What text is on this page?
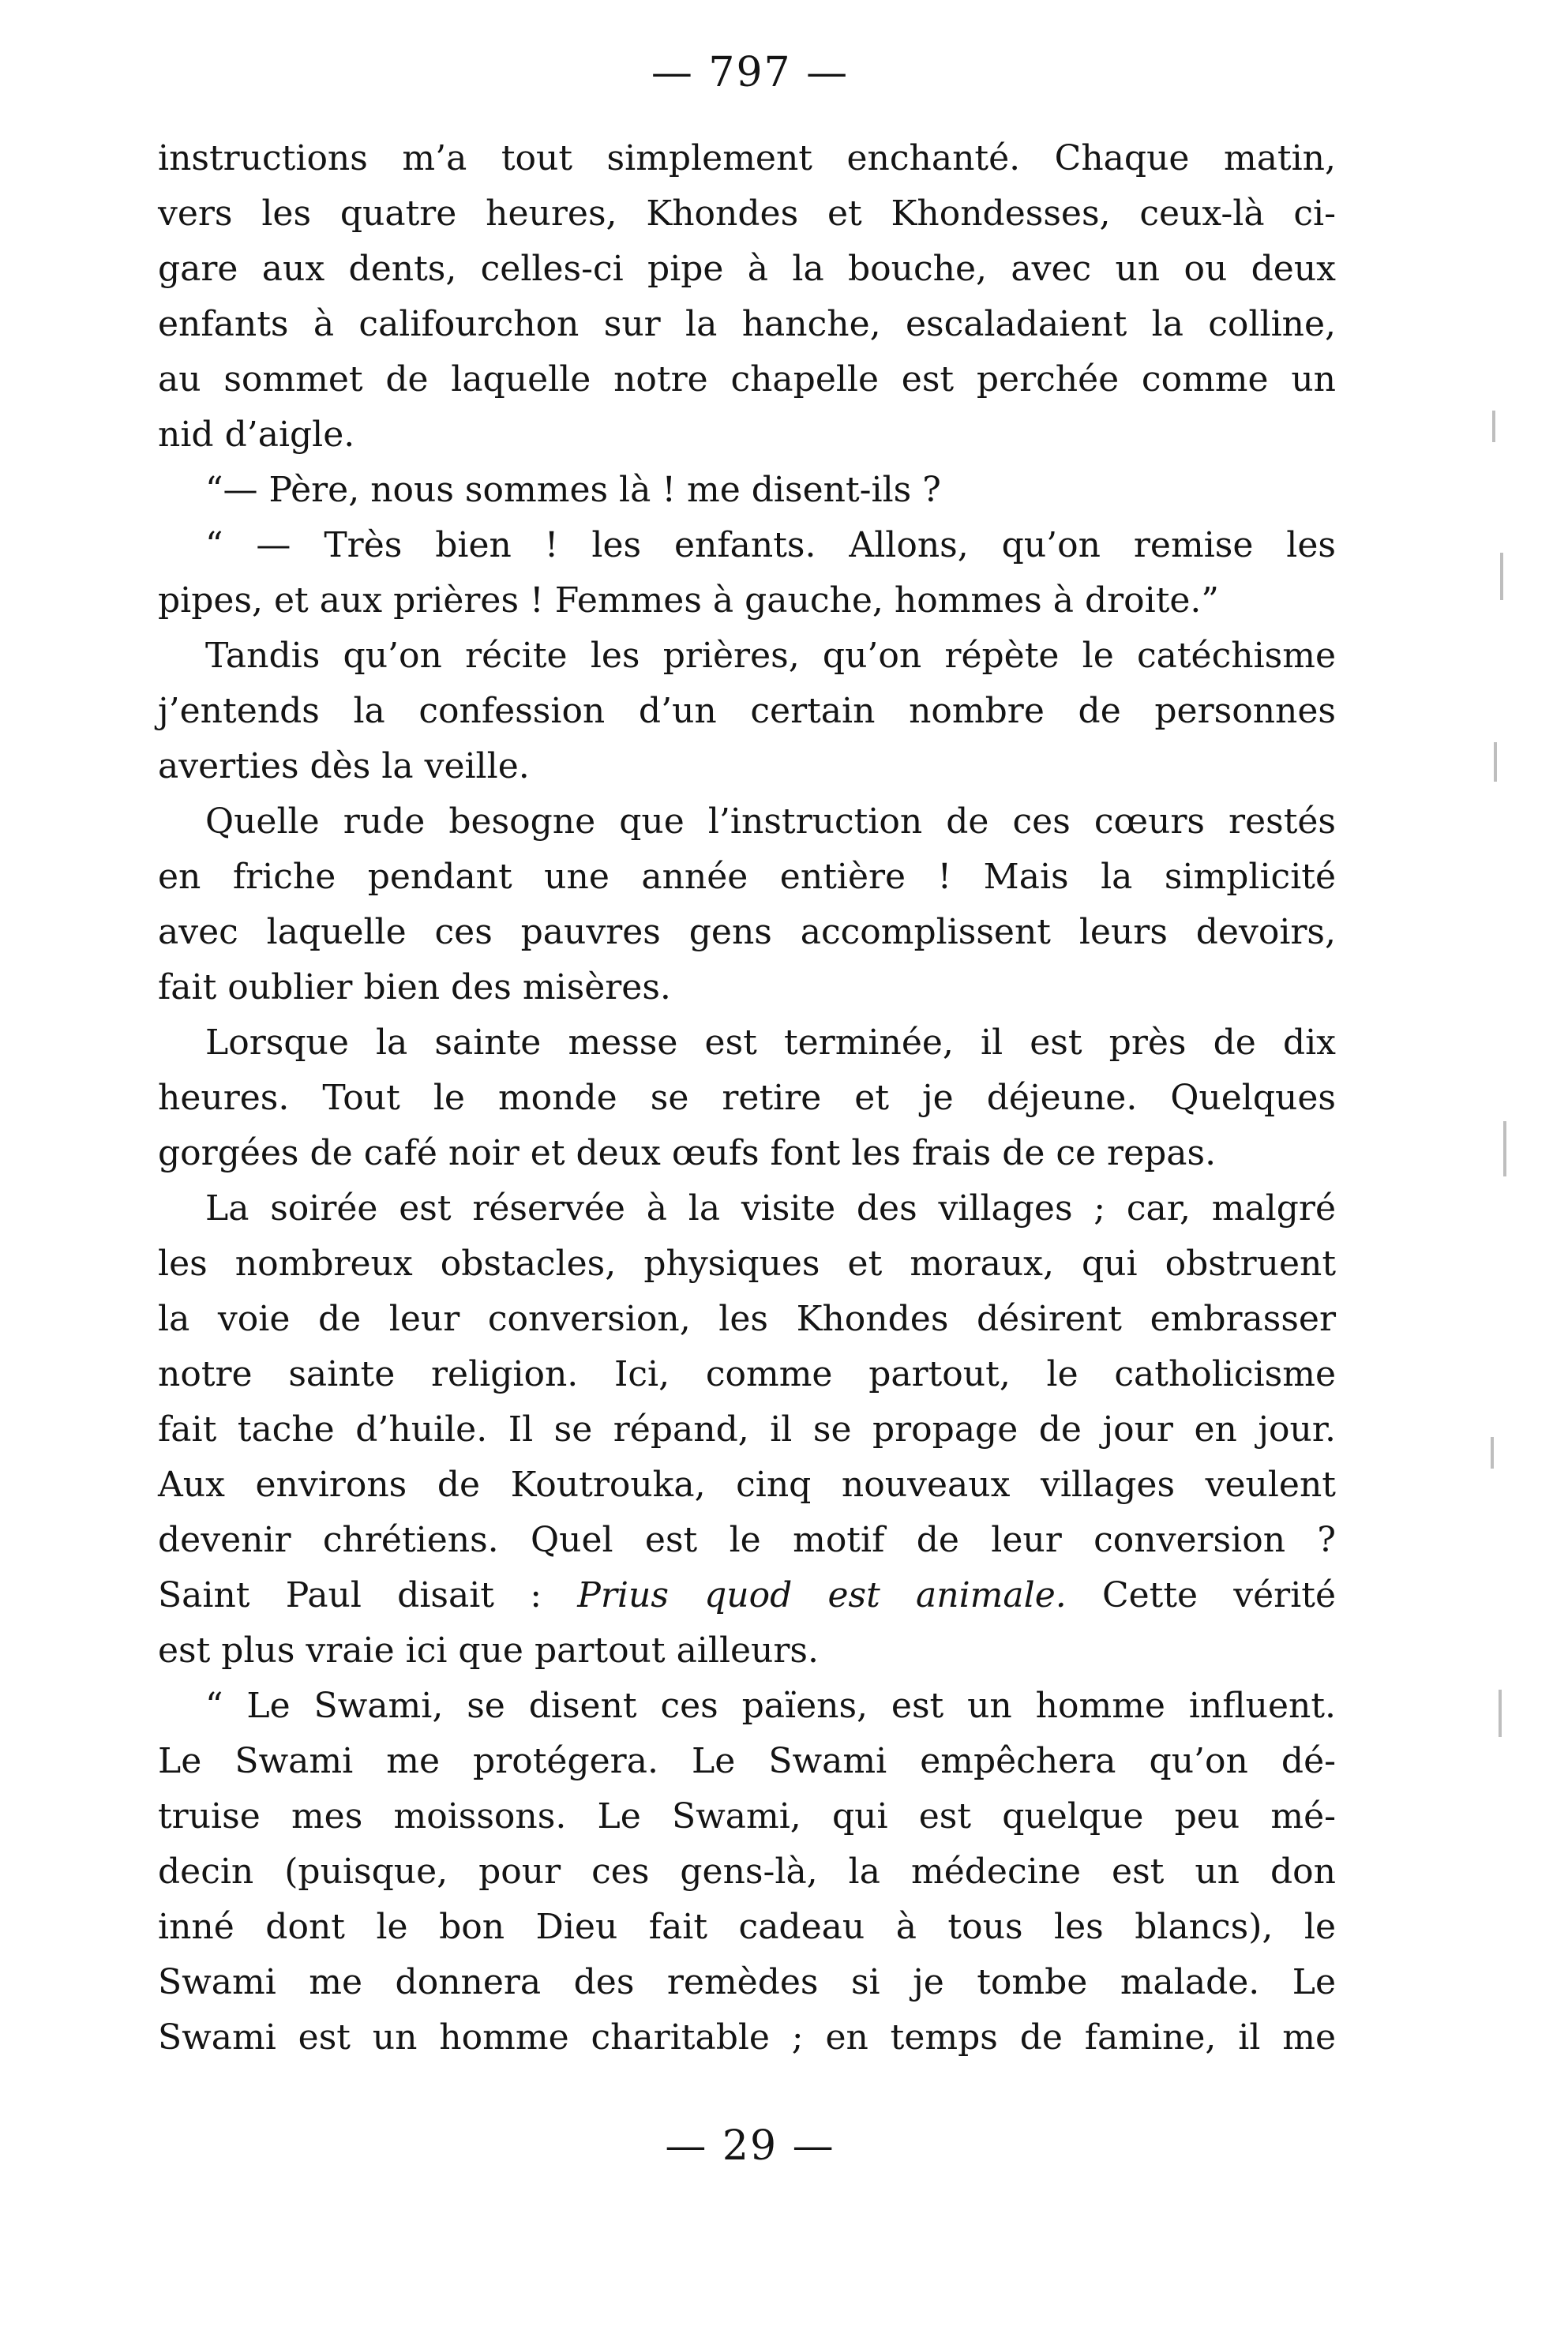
— 797 —
instructions m’a tout simplement enchanté. Chaque matin,
vers les quatre heures, Khondes et Khondesses, ceux-là ci-
gare aux dents, celles-ci pipe à la bouche, avec un ou deux
enfants à califourchon sur la hanche, escaladaient la colline,
au sommet de laquelle notre chapelle est perchée comme un
nid d’aigle.
“— Père, nous sommes là ! me disent-ils ?
“ — Très bien ! les enfants. Allons, qu’on remise les
pipes, et aux prières ! Femmes à gauche, hommes à droite.”
Tandis qu’on récite les prières, qu’on répète le catéchisme
j’entends la confession d’un certain nombre de personnes
averties dès la veille.
Quelle rude besogne que l’instruction de ces cœurs restés
en friche pendant une année entière ! Mais la simplicité
avec laquelle ces pauvres gens accomplissent leurs devoirs,
fait oublier bien des misères.
Lorsque la sainte messe est terminée, il est près de dix
heures. Tout le monde se retire et je déjeune. Quelques
gorgées de café noir et deux œufs font les frais de ce repas.
La soirée est réservée à la visite des villages ; car, malgré
les nombreux obstacles, physiques et moraux, qui obstruent
la voie de leur conversion, les Khondes désirent embrasser
notre sainte religion. Ici, comme partout, le catholicisme
fait tache d’huile. Il se répand, il se propage de jour en jour.
Aux environs de Koutrouka, cinq nouveaux villages veulent
devenir chrétiens. Quel est le motif de leur conversion ?
Saint Paul disait : Prius quod est animale. Cette vérité
est plus vraie ici que partout ailleurs.
“ Le Swami, se disent ces païens, est un homme influent.
Le Swami me protégera. Le Swami empêchera qu’on dé-
truise mes moissons. Le Swami, qui est quelque peu mé-
decin (puisque, pour ces gens-là, la médecine est un don
inné dont le bon Dieu fait cadeau à tous les blancs), le
Swami me donnera des remèdes si je tombe malade. Le
Swami est un homme charitable ; en temps de famine, il me
— 29 —
